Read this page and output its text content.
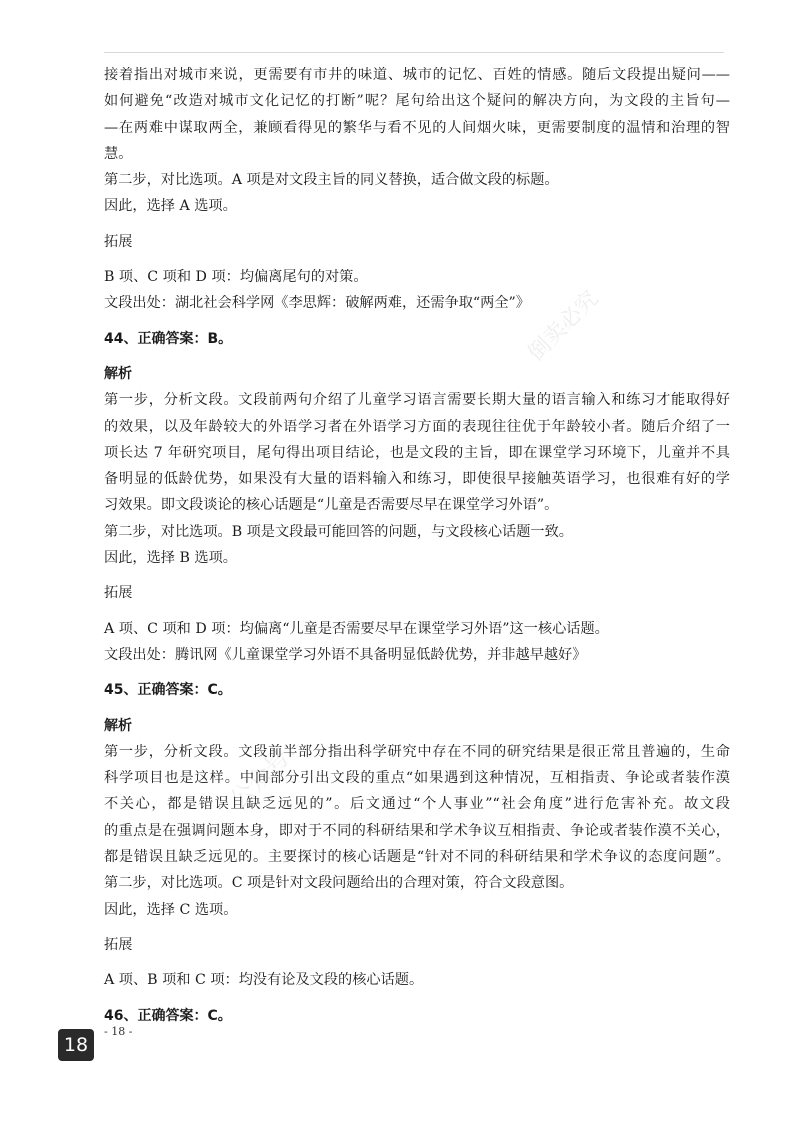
倒卖必究
公众号：

接着指出对城市来说，更需要有市井的味道、城市的记忆、百姓的情感。随后文段提出疑问——

如何避免“改造对城市文化记忆的打断”呢？尾句给出这个疑问的解决方向，为文段的主旨句—

—在两难中谋取两全，兼顾看得见的繁华与看不见的人间烟火味，更需要制度的温情和治理的智

慧。

第二步，对比选项。A 项是对文段主旨的同义替换，适合做文段的标题。

因此，选择 A 选项。

拓展

B 项、C 项和 D 项：均偏离尾句的对策。

文段出处：湖北社会科学网《李思辉：破解两难，还需争取“两全”》

44、正确答案：B。

解析

第一步，分析文段。文段前两句介绍了儿童学习语言需要长期大量的语言输入和练习才能取得好

的效果，以及年龄较大的外语学习者在外语学习方面的表现往往优于年龄较小者。随后介绍了一

项长达 7 年研究项目，尾句得出项目结论，也是文段的主旨，即在课堂学习环境下，儿童并不具

备明显的低龄优势，如果没有大量的语料输入和练习，即使很早接触英语学习，也很难有好的学

习效果。即文段谈论的核心话题是“儿童是否需要尽早在课堂学习外语”。

第二步，对比选项。B 项是文段最可能回答的问题，与文段核心话题一致。

因此，选择 B 选项。

拓展

A 项、C 项和 D 项：均偏离“儿童是否需要尽早在课堂学习外语”这一核心话题。

文段出处：腾讯网《儿童课堂学习外语不具备明显低龄优势，并非越早越好》

45、正确答案：C。

解析

第一步，分析文段。文段前半部分指出科学研究中存在不同的研究结果是很正常且普遍的，生命

科学项目也是这样。中间部分引出文段的重点“如果遇到这种情况，互相指责、争论或者装作漠

不关心，都是错误且缺乏远见的”。后文通过“个人事业”“社会角度”进行危害补充。故文段

的重点是在强调问题本身，即对于不同的科研结果和学术争议互相指责、争论或者装作漠不关心，

都是错误且缺乏远见的。主要探讨的核心话题是“针对不同的科研结果和学术争议的态度问题”。

第二步，对比选项。C 项是针对文段问题给出的合理对策，符合文段意图。

因此，选择 C 选项。

拓展

A 项、B 项和 C 项：均没有论及文段的核心话题。

46、正确答案：C。

18
- 18 -
